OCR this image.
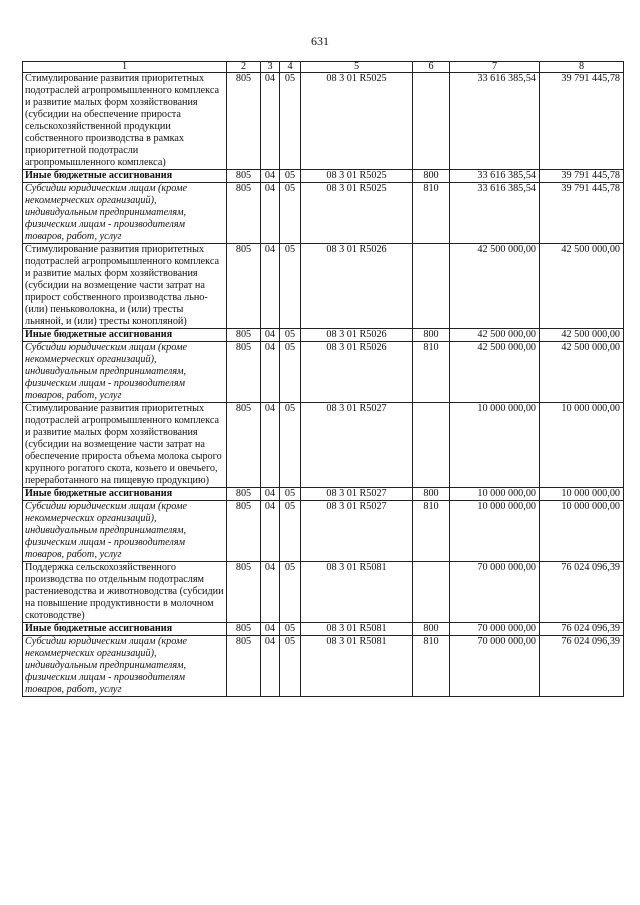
631
1	2	3	4	5	6	7	8
Стимулирование развития приоритетных подотраслей агропромышленного комплекса и развитие малых форм хозяйствования (субсидии на обеспечение прироста сельскохозяйственной продукции собственного производства в рамках приоритетной подотрасли агропромышленного комплекса)	805	04	05	08 3 01 R5025		33 616 385,54	39 791 445,78
Иные бюджетные ассигнования	805	04	05	08 3 01 R5025	800	33 616 385,54	39 791 445,78
Субсидии юридическим лицам (кроме некоммерческих организаций), индивидуальным предпринимателям, физическим лицам - производителям товаров, работ, услуг	805	04	05	08 3 01 R5025	810	33 616 385,54	39 791 445,78
Стимулирование развития приоритетных подотраслей агропромышленного комплекса и развитие малых форм хозяйствования (субсидии на возмещение части затрат на прирост собственного производства льно-(или) пеньковолокна, и (или) тресты льняной, и (или) тресты конопляной)	805	04	05	08 3 01 R5026		42 500 000,00	42 500 000,00
Иные бюджетные ассигнования	805	04	05	08 3 01 R5026	800	42 500 000,00	42 500 000,00
Субсидии юридическим лицам (кроме некоммерческих организаций), индивидуальным предпринимателям, физическим лицам - производителям товаров, работ, услуг	805	04	05	08 3 01 R5026	810	42 500 000,00	42 500 000,00
Стимулирование развития приоритетных подотраслей агропромышленного комплекса и развитие малых форм хозяйствования (субсидии на возмещение части затрат на обеспечение прироста объема молока сырого крупного рогатого скота, козьего и овечьего, переработанного на пищевую продукцию)	805	04	05	08 3 01 R5027		10 000 000,00	10 000 000,00
Иные бюджетные ассигнования	805	04	05	08 3 01 R5027	800	10 000 000,00	10 000 000,00
Субсидии юридическим лицам (кроме некоммерческих организаций), индивидуальным предпринимателям, физическим лицам - производителям товаров, работ, услуг	805	04	05	08 3 01 R5027	810	10 000 000,00	10 000 000,00
Поддержка сельскохозяйственного производства по отдельным подотраслям растениеводства и животноводства (субсидии на повышение продуктивности в молочном скотоводстве)	805	04	05	08 3 01 R5081		70 000 000,00	76 024 096,39
Иные бюджетные ассигнования	805	04	05	08 3 01 R5081	800	70 000 000,00	76 024 096,39
Субсидии юридическим лицам (кроме некоммерческих организаций), индивидуальным предпринимателям, физическим лицам - производителям товаров, работ, услуг	805	04	05	08 3 01 R5081	810	70 000 000,00	76 024 096,39
